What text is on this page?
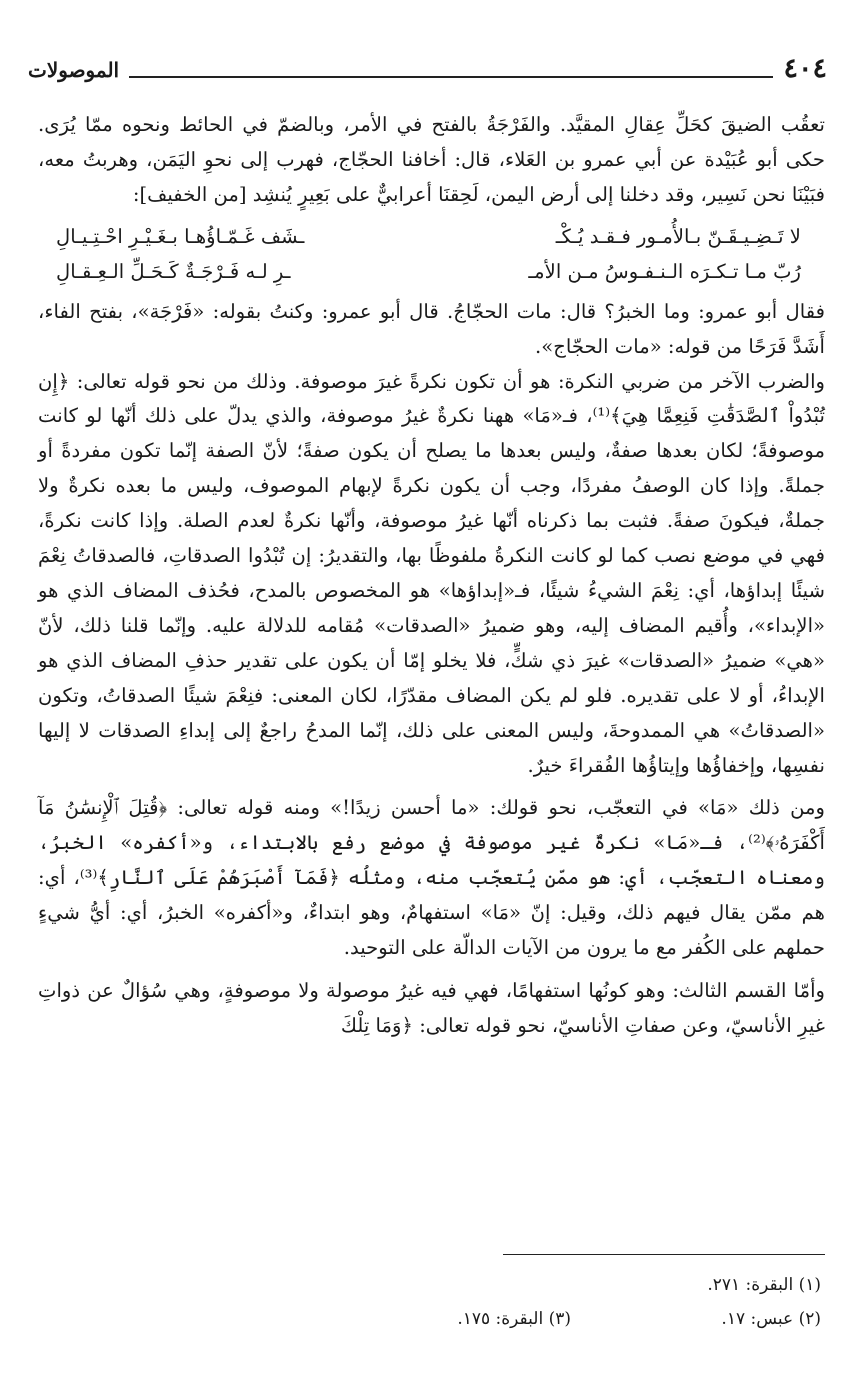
٤٠٤
الموصولات

تعقُب الضيقَ كحَلِّ عِقالِ المقيَّد. والفَرْجَةُ بالفتح في الأمر، وبالضمّ في الحائط ونحوه ممّا يُرَى. حكى أبو عُبَيْدة عن أبي عمرو بن العَلاء، قال: أخافنا الحجّاج، فهرب إلى نحوِ اليَمَن، وهربتُ معه، فبَيْنَا نحن نَسِير، وقد دخلنا إلى أرض اليمن، لَحِقنَا أعرابيٌّ على بَعِيرٍ يُنشِد [من الخفيف]:

لا تَـضِـيـقَـنّ بـالأُمـور فـقـد يُـكْـ
ـشَف غَـمّـاؤُهـا بـغَـيْـرِ احْـتِـيـالِ
رُبّ مـا تـكـرَه الـنـفـوسُ مـن الأمـ
ـرِ لـه فَـرْجَـةٌ كَـحَـلِّ الـعِـقـالِ

فقال أبو عمرو: وما الخبرُ؟ قال: مات الحجّاجُ. قال أبو عمرو: وكنتُ بقوله: «فَرْجَة»، بفتح الفاء، أَشَدَّ فَرَحًا من قوله: «مات الحجّاج».

والضرب الآخر من ضربي النكرة: هو أن تكون نكرةً غيرَ موصوفة. وذلك من نحو قوله تعالى: ﴿إِن تُبْدُواْ ٱلصَّدَقَٰتِ فَنِعِمَّا هِيَ﴾⁽¹⁾، فـ«مَا» ههنا نكرةٌ غيرُ موصوفة، والذي يدلّ على ذلك أنّها لو كانت موصوفةً؛ لكان بعدها صفةٌ، وليس بعدها ما يصلح أن يكون صفةً؛ لأنّ الصفة إنّما تكون مفردةً أو جملةً. وإذا كان الوصفُ مفردًا، وجب أن يكون نكرةً لإبهام الموصوف، وليس ما بعده نكرةٌ ولا جملةٌ، فيكونَ صفةً. فثبت بما ذكرناه أنّها غيرُ موصوفة، وأنّها نكرةٌ لعدم الصلة. وإذا كانت نكرةً، فهي في موضع نصب كما لو كانت النكرةُ ملفوظًا بها، والتقديرُ: إن تُبْدُوا الصدقاتِ، فالصدقاتُ نِعْمَ شيئًا إبداؤها، أي: نِعْمَ الشيءُ شيئًا، فـ«إبداؤها» هو المخصوص بالمدح، فحُذف المضاف الذي هو «الإبداء»، وأُقيم المضاف إليه، وهو ضميرُ «الصدقات» مُقامه للدلالة عليه. وإنّما قلنا ذلك، لأنّ «هي» ضميرُ «الصدقات» غيرَ ذي شكٍّ، فلا يخلو إمّا أن يكون على تقدير حذفِ المضاف الذي هو الإبداءُ، أو لا على تقديره. فلو لم يكن المضاف مقدّرًا، لكان المعنى: فنِعْمَ شيئًا الصدقاتُ، وتكون «الصدقاتُ» هي الممدوحةَ، وليس المعنى على ذلك، إنّما المدحُ راجعٌ إلى إبداءِ الصدقات لا إليها نفسِها، وإخفاؤُها وإيتاؤُها الفُقراءَ خيرٌ.

ومن ذلك «مَا» في التعجّب، نحو قولك: «ما أحسن زيدًا!» ومنه قوله تعالى: ﴿قُتِلَ ٱلْإِنسَٰنُ مَآ أَكْفَرَهُۥ﴾⁽²⁾، فـ«مَا» نكرةٌ غير موصوفة في موضع رفع بالابتداء، و«أكفره» الخبرُ، ومعناه التعجّب، أي: هو ممّن يُتعجّب منه، ومثلُه ﴿فَمَآ أَصْبَرَهُمْ عَلَى ٱلنَّارِ﴾⁽³⁾، أي: هم ممّن يقال فيهم ذلك، وقيل: إنّ «مَا» استفهامٌ، وهو ابتداءٌ، و«أكفره» الخبرُ، أي: أيُّ شيءٍ حملهم على الكُفر مع ما يرون من الآيات الدالّة على التوحيد.

وأمّا القسم الثالث: وهو كونُها استفهامًا، فهي فيه غيرُ موصولة ولا موصوفةٍ، وهي سُؤالٌ عن ذواتِ غيرِ الأناسيّ، وعن صفاتِ الأناسيّ، نحو قوله تعالى: ﴿وَمَا تِلْكَ

(١) البقرة: ٢٧١.
(٢) عبس: ١٧.
(٣) البقرة: ١٧٥.
